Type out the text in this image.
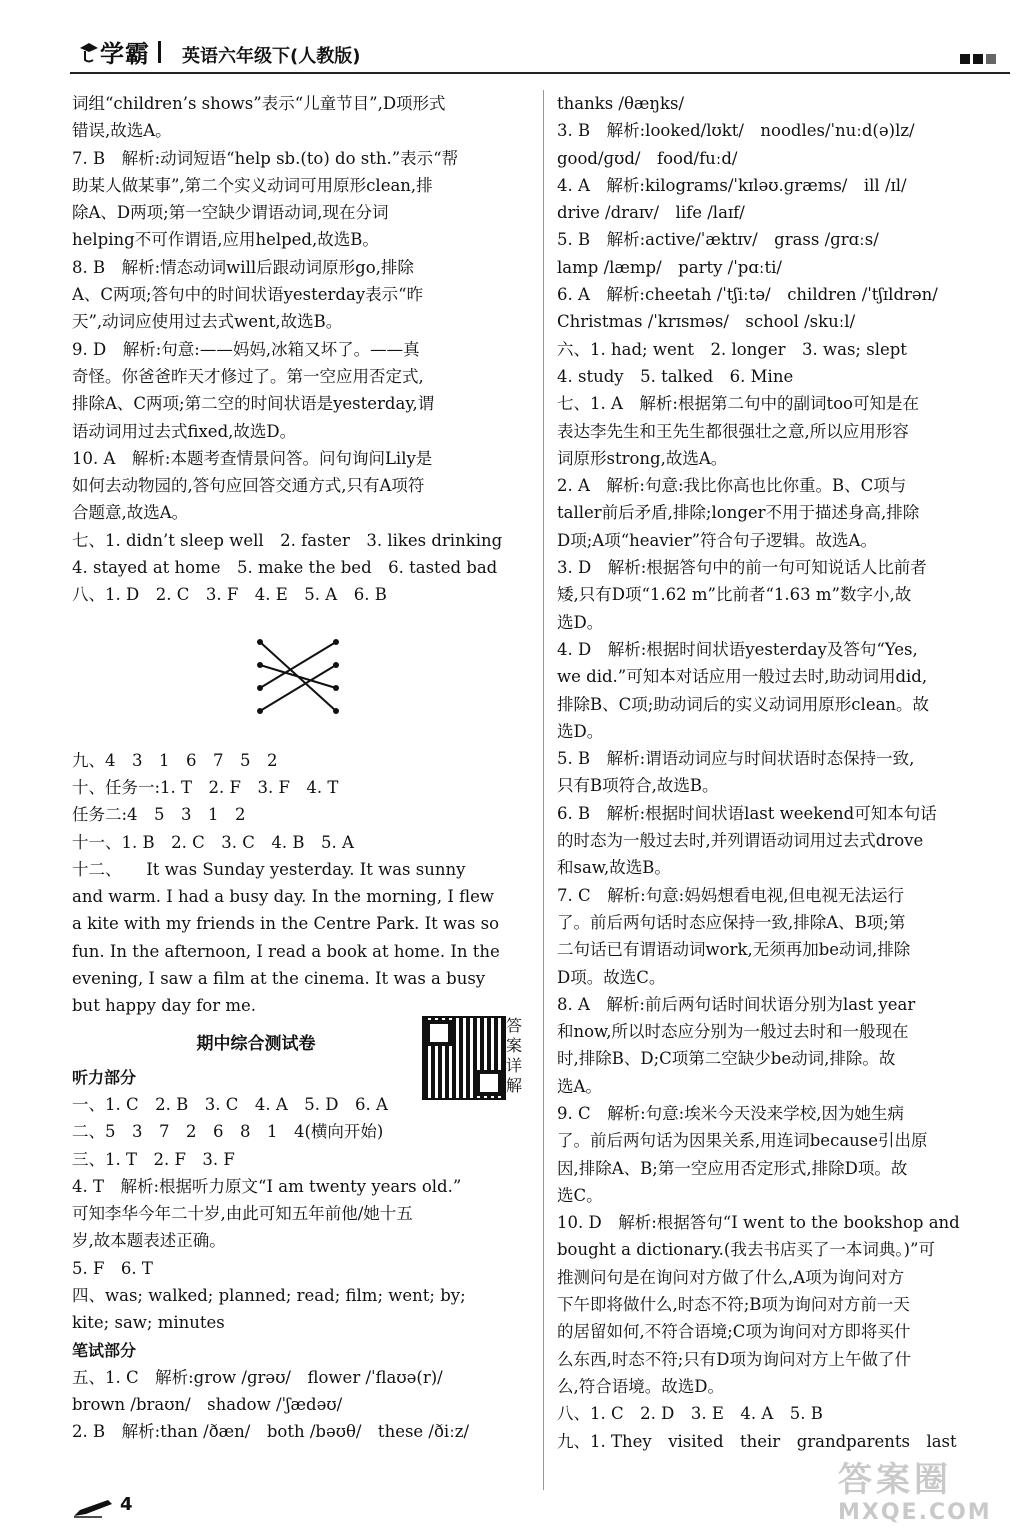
学霸 英语六年级下(人教版)
词组“children’s shows”表示“儿童节目”,D项形式
错误,故选A。
7. B　解析:动词短语“help sb.(to) do sth.”表示“帮
助某人做某事”,第二个实义动词可用原形clean,排
除A、D两项;第一空缺少谓语动词,现在分词
helping不可作谓语,应用helped,故选B。
8. B　解析:情态动词will后跟动词原形go,排除
A、C两项;答句中的时间状语yesterday表示“昨
天”,动词应使用过去式went,故选B。
9. D　解析:句意:——妈妈,冰箱又坏了。——真
奇怪。你爸爸昨天才修过了。第一空应用否定式,
排除A、C两项;第二空的时间状语是yesterday,谓
语动词用过去式fixed,故选D。
10. A　解析:本题考查情景问答。问句询问Lily是
如何去动物园的,答句应回答交通方式,只有A项符
合题意,故选A。
七、1. didn’t sleep well　2. faster　3. likes drinking
4. stayed at home　5. make the bed　6. tasted bad
八、1. D　2. C　3. F　4. E　5. A　6. B
九、4　3　1　6　7　5　2
十、任务一:1. T　2. F　3. F　4. T
任务二:4　5　3　1　2
十一、1. B　2. C　3. C　4. B　5. A
十二、　　It was Sunday yesterday. It was sunny
and warm. I had a busy day. In the morning, I flew
a kite with my friends in the Centre Park. It was so
fun. In the afternoon, I read a book at home. In the
evening, I saw a film at the cinema. It was a busy
but happy day for me.
期中综合测试卷
听力部分
一、1. C　2. B　3. C　4. A　5. D　6. A
二、5　3　7　2　6　8　1　4(横向开始)
三、1. T　2. F　3. F
4. T　解析:根据听力原文“I am twenty years old.”
可知李华今年二十岁,由此可知五年前他/她十五
岁,故本题表述正确。
5. F　6. T
四、was; walked; planned; read; film; went; by;
kite; saw; minutes
笔试部分
五、1. C　解析:grow /ɡrəʊ/　flower /ˈflaʊə(r)/
brown /braʊn/　shadow /ˈʃædəʊ/
2. B　解析:than /ðæn/　both /bəʊθ/　these /ðiːz/
答案详解
thanks /θæŋks/
3. B　解析:looked/lʊkt/　noodles/ˈnuːd(ə)lz/
good/ɡʊd/　food/fuːd/
4. A　解析:kilograms/ˈkɪləʊ.ɡræms/　ill /ɪl/
drive /draɪv/　life /laɪf/
5. B　解析:active/ˈæktɪv/　grass /ɡrɑːs/
lamp /læmp/　party /ˈpɑːti/
6. A　解析:cheetah /ˈtʃiːtə/　children /ˈtʃɪldrən/
Christmas /ˈkrɪsməs/　school /skuːl/
六、1. had; went　2. longer　3. was; slept
4. study　5. talked　6. Mine
七、1. A　解析:根据第二句中的副词too可知是在
表达李先生和王先生都很强壮之意,所以应用形容
词原形strong,故选A。
2. A　解析:句意:我比你高也比你重。B、C项与
taller前后矛盾,排除;longer不用于描述身高,排除
D项;A项“heavier”符合句子逻辑。故选A。
3. D　解析:根据答句中的前一句可知说话人比前者
矮,只有D项“1.62 m”比前者“1.63 m”数字小,故
选D。
4. D　解析:根据时间状语yesterday及答句“Yes,
we did.”可知本对话应用一般过去时,助动词用did,
排除B、C项;助动词后的实义动词用原形clean。故
选D。
5. B　解析:谓语动词应与时间状语时态保持一致,
只有B项符合,故选B。
6. B　解析:根据时间状语last weekend可知本句话
的时态为一般过去时,并列谓语动词用过去式drove
和saw,故选B。
7. C　解析:句意:妈妈想看电视,但电视无法运行
了。前后两句话时态应保持一致,排除A、B项;第
二句话已有谓语动词work,无须再加be动词,排除
D项。故选C。
8. A　解析:前后两句话时间状语分别为last year
和now,所以时态应分别为一般过去时和一般现在
时,排除B、D;C项第二空缺少be动词,排除。故
选A。
9. C　解析:句意:埃米今天没来学校,因为她生病
了。前后两句话为因果关系,用连词because引出原
因,排除A、B;第一空应用否定形式,排除D项。故
选C。
10. D　解析:根据答句“I went to the bookshop and
bought a dictionary.(我去书店买了一本词典。)”可
推测问句是在询问对方做了什么,A项为询问对方
下午即将做什么,时态不符;B项为询问对方前一天
的居留如何,不符合语境;C项为询问对方即将买什
么东西,时态不符;只有D项为询问对方上午做了什
么,符合语境。故选D。
八、1. C　2. D　3. E　4. A　5. B
九、1. They　visited　their　grandparents　last
4
答案圈
MXQE.COM
